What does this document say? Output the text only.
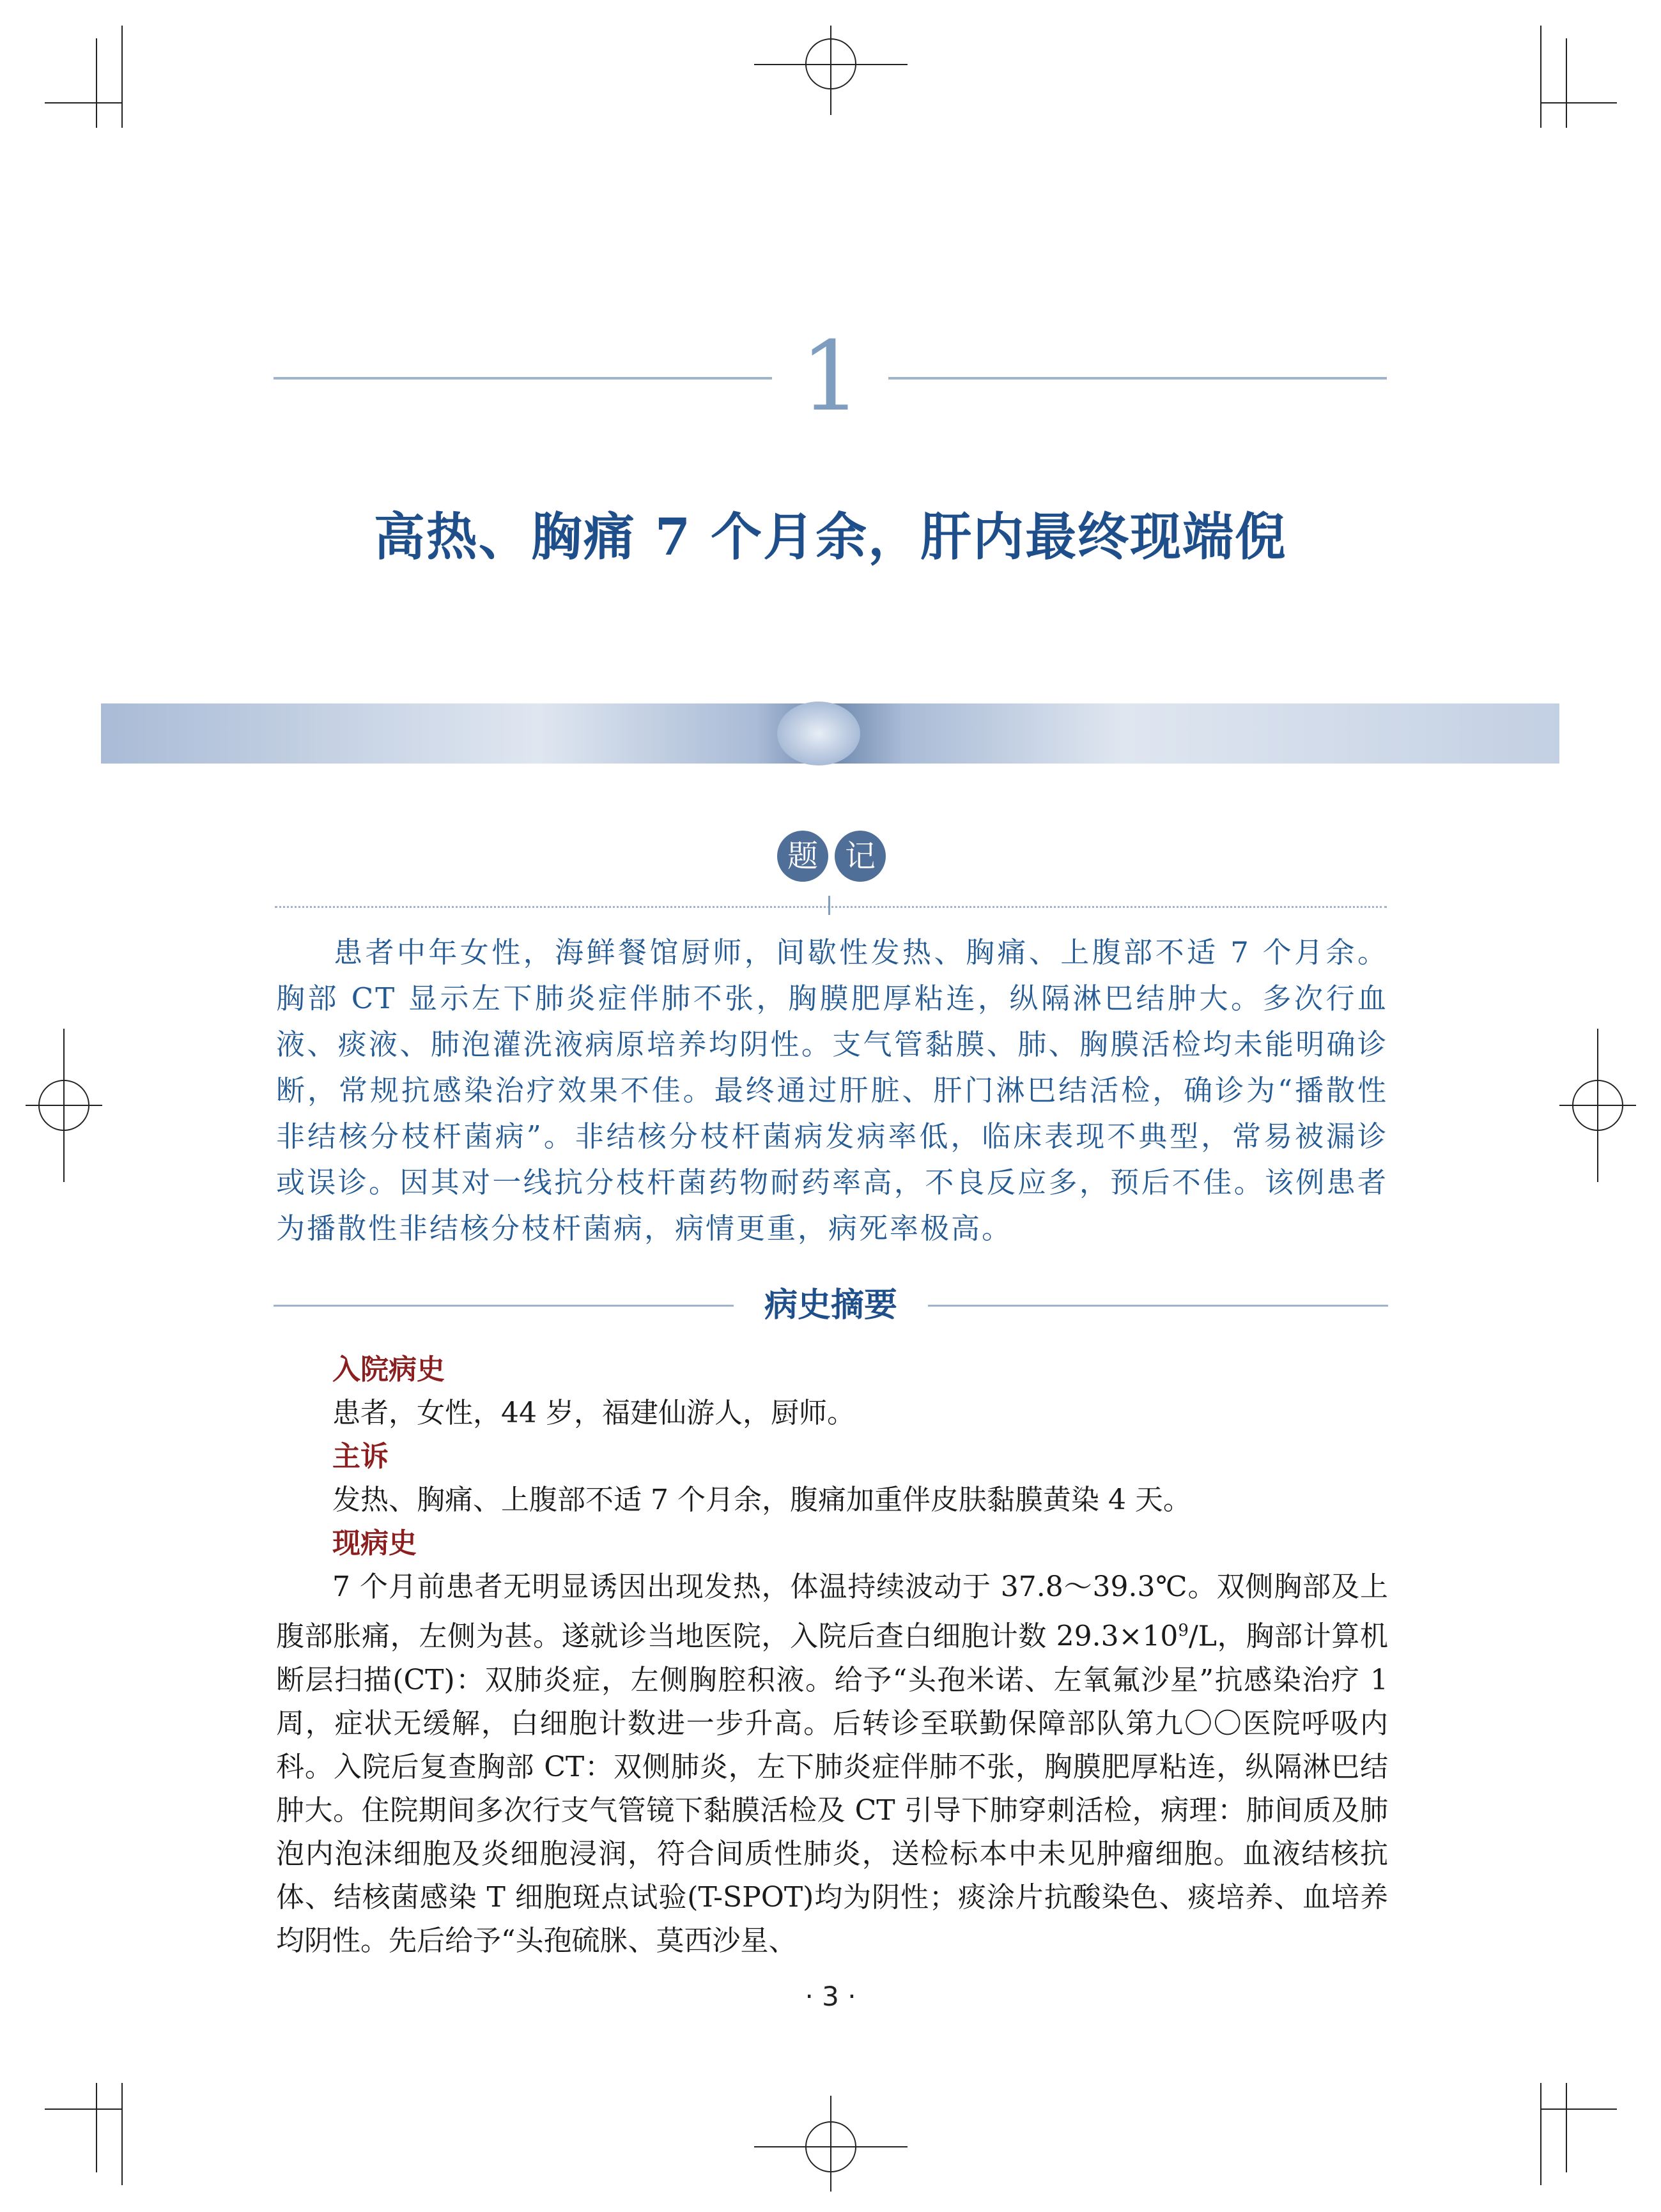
1
高热、胸痛 7 个月余，肝内最终现端倪
题 记
患者中年女性，海鲜餐馆厨师，间歇性发热、胸痛、上腹部不适 7 个月余。胸部 CT 显示左下肺炎症伴肺不张，胸膜肥厚粘连，纵隔淋巴结肿大。多次行血液、痰液、肺泡灌洗液病原培养均阴性。支气管黏膜、肺、胸膜活检均未能明确诊断，常规抗感染治疗效果不佳。最终通过肝脏、肝门淋巴结活检，确诊为“播散性非结核分枝杆菌病”。非结核分枝杆菌病发病率低，临床表现不典型，常易被漏诊或误诊。因其对一线抗分枝杆菌药物耐药率高，不良反应多，预后不佳。该例患者为播散性非结核分枝杆菌病，病情更重，病死率极高。
病史摘要
入院病史
患者，女性，44 岁，福建仙游人，厨师。
主诉
发热、胸痛、上腹部不适 7 个月余，腹痛加重伴皮肤黏膜黄染 4 天。
现病史
7 个月前患者无明显诱因出现发热，体温持续波动于 37.8～39.3℃。双侧胸部及上腹部胀痛，左侧为甚。遂就诊当地医院，入院后查白细胞计数 $29.3\times 10^9/L$，胸部计算机断层扫描(CT)：双肺炎症，左侧胸腔积液。给予“头孢米诺、左氧氟沙星”抗感染治疗 1 周，症状无缓解，白细胞计数进一步升高。后转诊至联勤保障部队第九〇〇医院呼吸内科。入院后复查胸部 CT：双侧肺炎，左下肺炎症伴肺不张，胸膜肥厚粘连，纵隔淋巴结肿大。住院期间多次行支气管镜下黏膜活检及 CT 引导下肺穿刺活检，病理：肺间质及肺泡内泡沫细胞及炎细胞浸润，符合间质性肺炎，送检标本中未见肿瘤细胞。血液结核抗体、结核菌感染 T 细胞斑点试验(T-SPOT)均为阴性；痰涂片抗酸染色、痰培养、血培养均阴性。先后给予“头孢硫脒、莫西沙星、
· 3 ·
